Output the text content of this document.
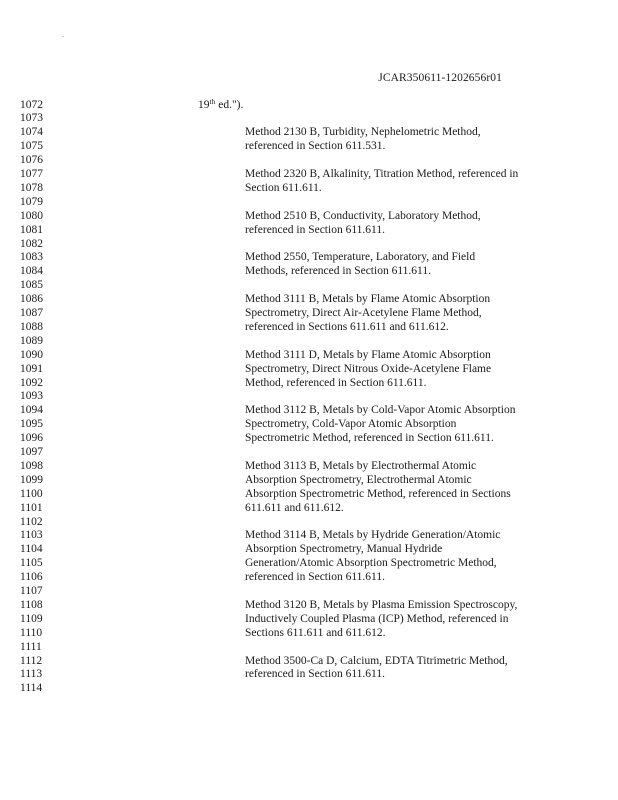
.
JCAR350611-1202656r01
1072	19th ed.").
1073
1074	Method 2130 B, Turbidity, Nephelometric Method,
1075	referenced in Section 611.531.
1076
1077	Method 2320 B, Alkalinity, Titration Method, referenced in
1078	Section 611.611.
1079
1080	Method 2510 B, Conductivity, Laboratory Method,
1081	referenced in Section 611.611.
1082
1083	Method 2550, Temperature, Laboratory, and Field
1084	Methods, referenced in Section 611.611.
1085
1086	Method 3111 B, Metals by Flame Atomic Absorption
1087	Spectrometry, Direct Air-Acetylene Flame Method,
1088	referenced in Sections 611.611 and 611.612.
1089
1090	Method 3111 D, Metals by Flame Atomic Absorption
1091	Spectrometry, Direct Nitrous Oxide-Acetylene Flame
1092	Method, referenced in Section 611.611.
1093
1094	Method 3112 B, Metals by Cold-Vapor Atomic Absorption
1095	Spectrometry, Cold-Vapor Atomic Absorption
1096	Spectrometric Method, referenced in Section 611.611.
1097
1098	Method 3113 B, Metals by Electrothermal Atomic
1099	Absorption Spectrometry, Electrothermal Atomic
1100	Absorption Spectrometric Method, referenced in Sections
1101	611.611 and 611.612.
1102
1103	Method 3114 B, Metals by Hydride Generation/Atomic
1104	Absorption Spectrometry, Manual Hydride
1105	Generation/Atomic Absorption Spectrometric Method,
1106	referenced in Section 611.611.
1107
1108	Method 3120 B, Metals by Plasma Emission Spectroscopy,
1109	Inductively Coupled Plasma (ICP) Method, referenced in
1110	Sections 611.611 and 611.612.
1111
1112	Method 3500-Ca D, Calcium, EDTA Titrimetric Method,
1113	referenced in Section 611.611.
1114
